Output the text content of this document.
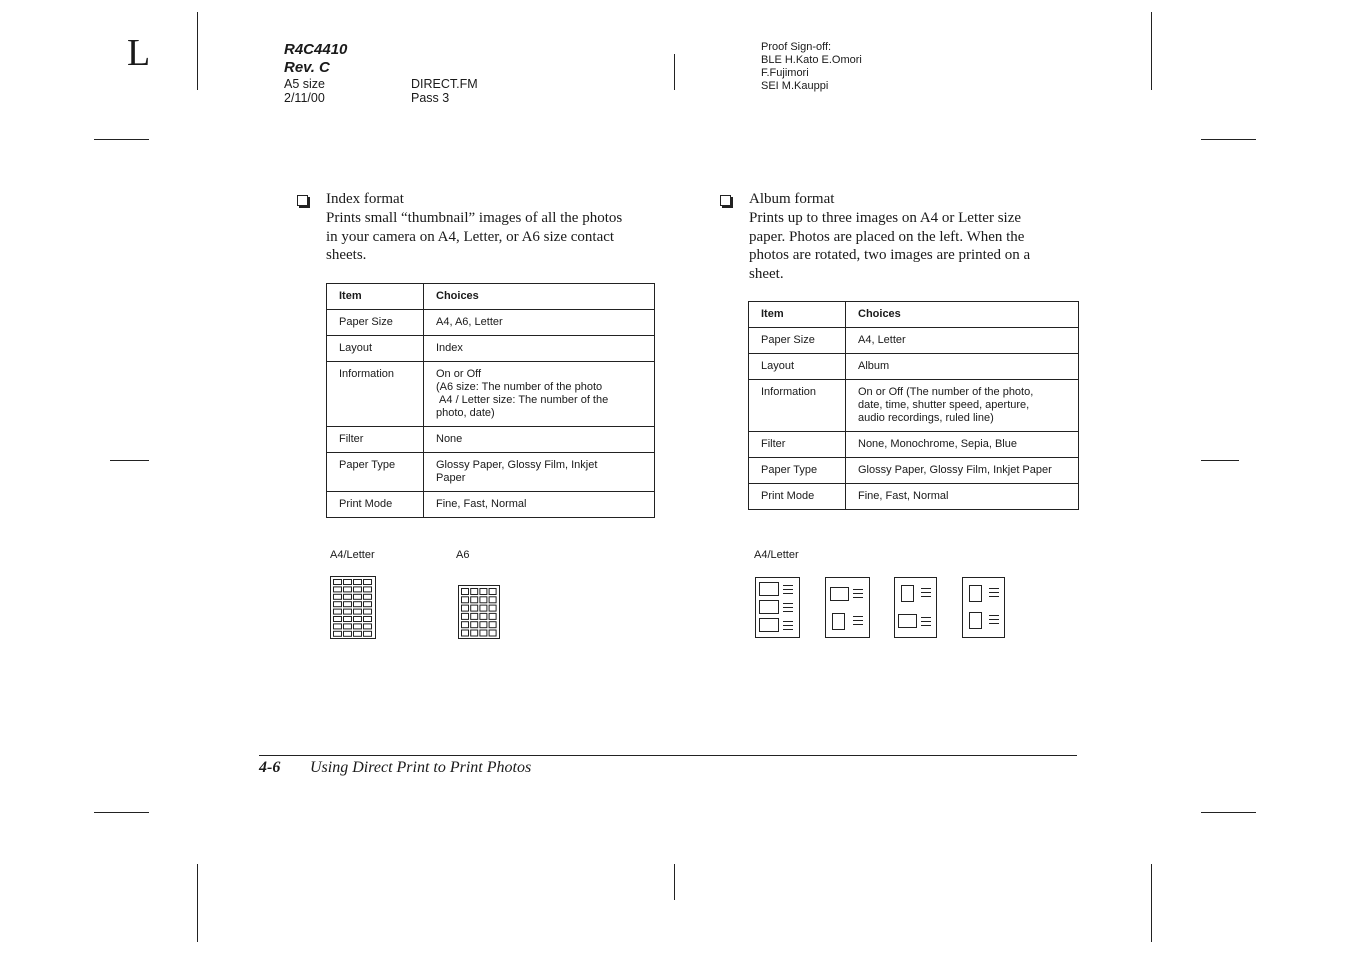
L	R4C4410
Rev. C
A5 size	DIRECT.FM
2/11/00	Pass 3
Proof Sign-off:
BLE H.Kato E.Omori
F.Fujimori
SEI M.Kauppi
Index format
Prints small “thumbnail” images of all the photos
in your camera on A4, Letter, or A6 size contact
sheets.
Item	Choices
Paper Size	A4, A6, Letter

Layout	Index

Information	On or Off
(A6 size: The number of the photo
A4 / Letter size: The number of the
photo, date)

Filter	None

Paper Type	Glossy Paper, Glossy Film, Inkjet
Paper

Print Mode	Fine, Fast, Normal
A4/Letter	A6
Album format
Prints up to three images on A4 or Letter size
paper. Photos are placed on the left. When the
photos are rotated, two images are printed on a
sheet.
Item	Choices
Paper Size	A4, Letter

Layout	Album

Information	On or Off (The number of the photo,
date, time, shutter speed, aperture,
audio recordings, ruled line)

Filter	None, Monochrome, Sepia, Blue

Paper Type	Glossy Paper, Glossy Film, Inkjet Paper

Print Mode	Fine, Fast, Normal
A4/Letter
4-6 Using Direct Print to Print Photos
